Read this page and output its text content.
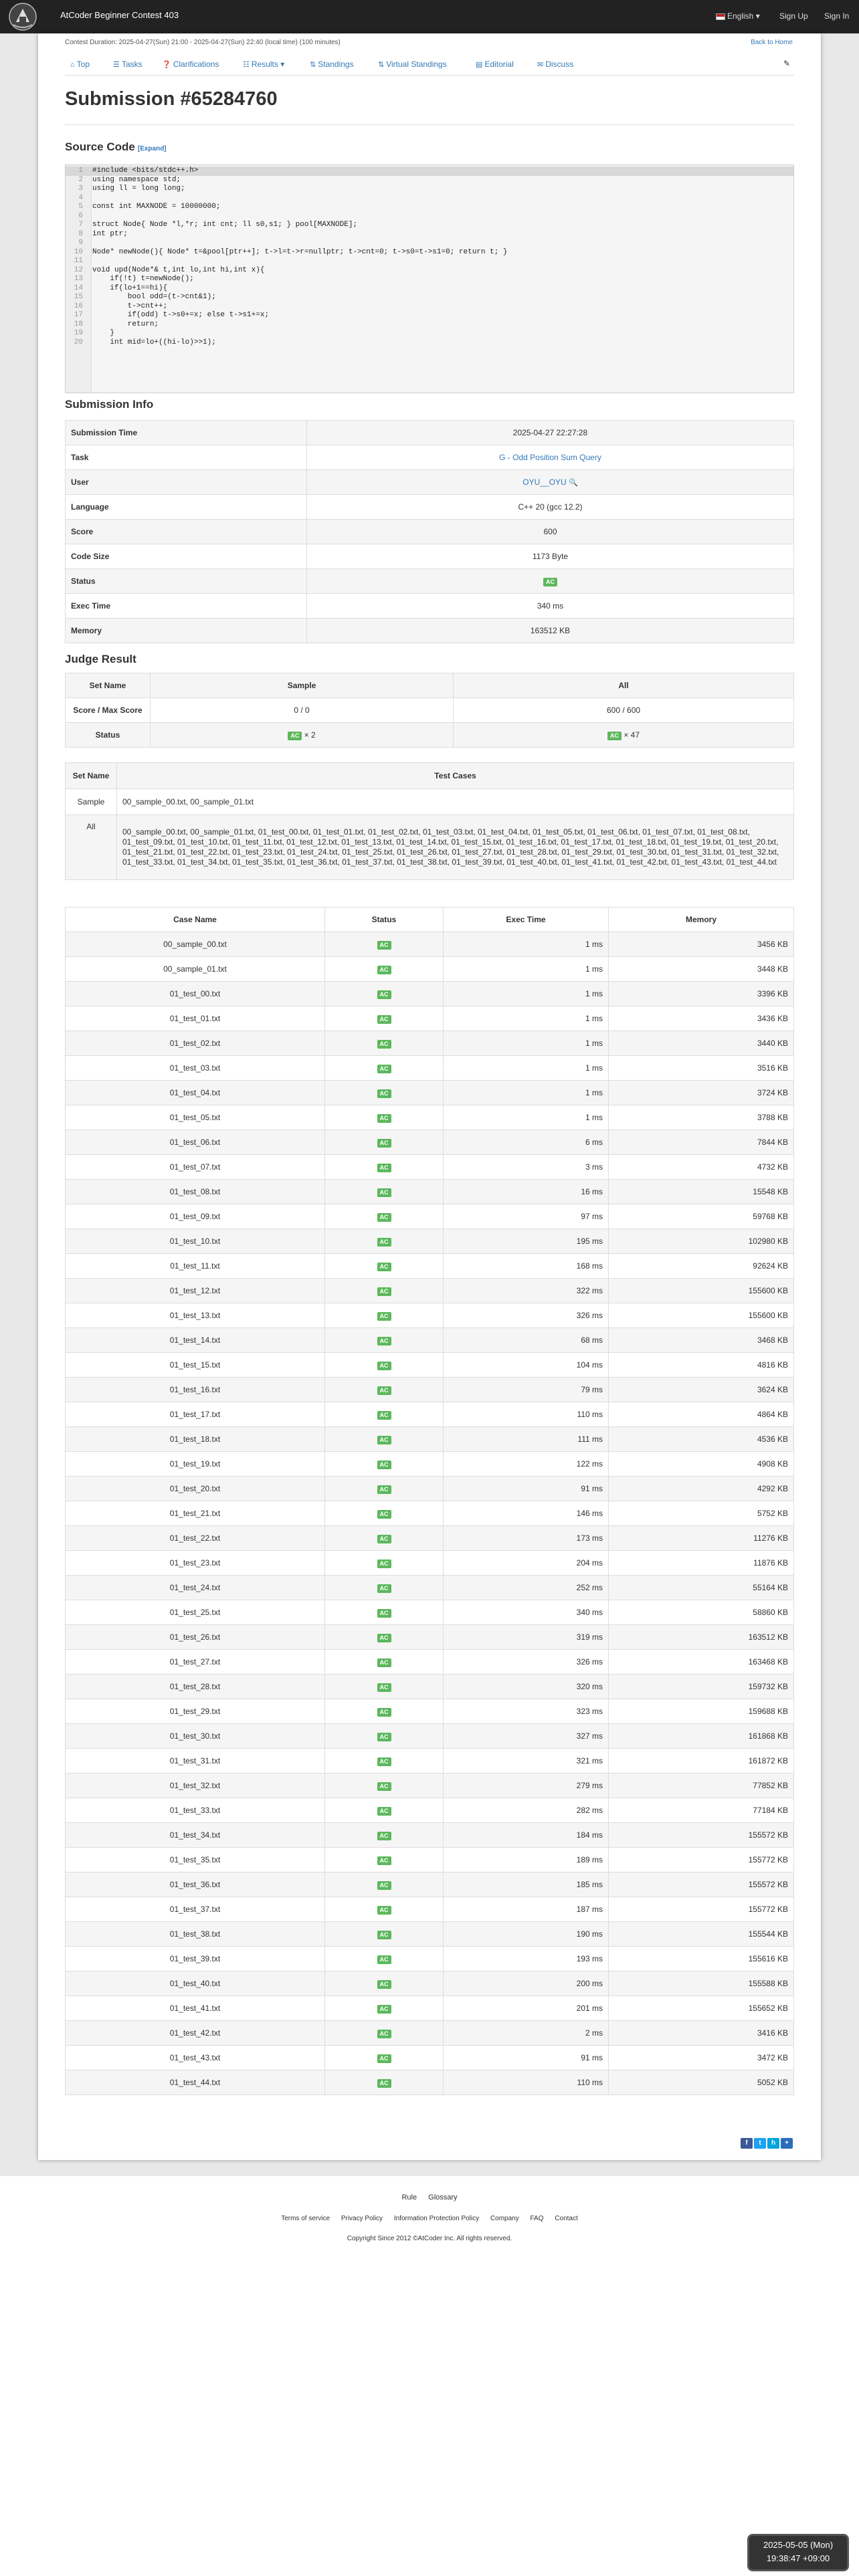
AtCoder Beginner Contest 403	English ▾ Sign Up Sign In
Contest Duration: 2025-04-27(Sun) 21:00 - 2025-04-27(Sun) 22:40 (local time) (100 minutes)	Back to Home
⌂ Top	☰ Tasks	❓ Clarifications	☷ Results ▾	⇅ Standings	⇅ Virtual Standings	▤ Editorial	✉ Discuss	✎
Submission #65284760
Source Code [Expand]
1 #include <bits/stdc++.h>
2 using namespace std;
3 using ll = long long;
4
5 const int MAXNODE = 10000000;
6
7 struct Node{ Node *l,*r; int cnt; ll s0,s1; } pool[MAXNODE];
8 int ptr;
9
10 Node* newNode(){ Node* t=&pool[ptr++]; t->l=t->r=nullptr; t->cnt=0; t->s0=t->s1=0; return t; }
11
12 void upd(Node*& t,int lo,int hi,int x){
13 if(!t) t=newNode();
14 if(lo+1==hi){
15 bool odd=(t->cnt&1);
16 t->cnt++;
17 if(odd) t->s0+=x; else t->s1+=x;
18 return;
19 }
20 int mid=lo+((hi-lo)>>1);
Submission Info
Submission Time	2025-04-27 22:27:28
Task	G - Odd Position Sum Query
User	OYU__OYU 🔍
Language	C++ 20 (gcc 12.2)
Score	600
Code Size	1173 Byte
Status	AC
Exec Time	340 ms
Memory	163512 KB
Judge Result
Set Name	Sample	All
Score / Max Score	0 / 0	600 / 600
Status	AC × 2	AC × 47
Set Name	Test Cases
Sample	00_sample_00.txt, 00_sample_01.txt
All	00_sample_00.txt, 00_sample_01.txt, 01_test_00.txt, 01_test_01.txt, 01_test_02.txt, 01_test_03.txt, 01_test_04.txt, 01_test_05.txt, 01_test_06.txt, 01_test_07.txt, 01_test_08.txt, 01_test_09.txt, 01_test_10.txt, 01_test_11.txt, 01_test_12.txt, 01_test_13.txt, 01_test_14.txt, 01_test_15.txt, 01_test_16.txt, 01_test_17.txt, 01_test_18.txt, 01_test_19.txt, 01_test_20.txt, 01_test_21.txt, 01_test_22.txt, 01_test_23.txt, 01_test_24.txt, 01_test_25.txt, 01_test_26.txt, 01_test_27.txt, 01_test_28.txt, 01_test_29.txt, 01_test_30.txt, 01_test_31.txt, 01_test_32.txt, 01_test_33.txt, 01_test_34.txt, 01_test_35.txt, 01_test_36.txt, 01_test_37.txt, 01_test_38.txt, 01_test_39.txt, 01_test_40.txt, 01_test_41.txt, 01_test_42.txt, 01_test_43.txt, 01_test_44.txt
Case Name	Status	Exec Time	Memory
00_sample_00.txt	AC	1 ms	3456 KB
00_sample_01.txt	AC	1 ms	3448 KB
01_test_00.txt	AC	1 ms	3396 KB
01_test_01.txt	AC	1 ms	3436 KB
01_test_02.txt	AC	1 ms	3440 KB
01_test_03.txt	AC	1 ms	3516 KB
01_test_04.txt	AC	1 ms	3724 KB
01_test_05.txt	AC	1 ms	3788 KB
01_test_06.txt	AC	6 ms	7844 KB
01_test_07.txt	AC	3 ms	4732 KB
01_test_08.txt	AC	16 ms	15548 KB
01_test_09.txt	AC	97 ms	59768 KB
01_test_10.txt	AC	195 ms	102980 KB
01_test_11.txt	AC	168 ms	92624 KB
01_test_12.txt	AC	322 ms	155600 KB
01_test_13.txt	AC	326 ms	155600 KB
01_test_14.txt	AC	68 ms	3468 KB
01_test_15.txt	AC	104 ms	4816 KB
01_test_16.txt	AC	79 ms	3624 KB
01_test_17.txt	AC	110 ms	4864 KB
01_test_18.txt	AC	111 ms	4536 KB
01_test_19.txt	AC	122 ms	4908 KB
01_test_20.txt	AC	91 ms	4292 KB
01_test_21.txt	AC	146 ms	5752 KB
01_test_22.txt	AC	173 ms	11276 KB
01_test_23.txt	AC	204 ms	11876 KB
01_test_24.txt	AC	252 ms	55164 KB
01_test_25.txt	AC	340 ms	58860 KB
01_test_26.txt	AC	319 ms	163512 KB
01_test_27.txt	AC	326 ms	163468 KB
01_test_28.txt	AC	320 ms	159732 KB
01_test_29.txt	AC	323 ms	159688 KB
01_test_30.txt	AC	327 ms	161868 KB
01_test_31.txt	AC	321 ms	161872 KB
01_test_32.txt	AC	279 ms	77852 KB
01_test_33.txt	AC	282 ms	77184 KB
01_test_34.txt	AC	184 ms	155572 KB
01_test_35.txt	AC	189 ms	155772 KB
01_test_36.txt	AC	185 ms	155572 KB
01_test_37.txt	AC	187 ms	155772 KB
01_test_38.txt	AC	190 ms	155544 KB
01_test_39.txt	AC	193 ms	155616 KB
01_test_40.txt	AC	200 ms	155588 KB
01_test_41.txt	AC	201 ms	155652 KB
01_test_42.txt	AC	2 ms	3416 KB
01_test_43.txt	AC	91 ms	3472 KB
01_test_44.txt	AC	110 ms	5052 KB
f t h +
Rule Glossary
Terms of service Privacy Policy Information Protection Policy Company FAQ Contact
Copyright Since 2012 ©AtCoder Inc. All rights reserved.
2025-05-05 (Mon)
19:38:47 +09:00
